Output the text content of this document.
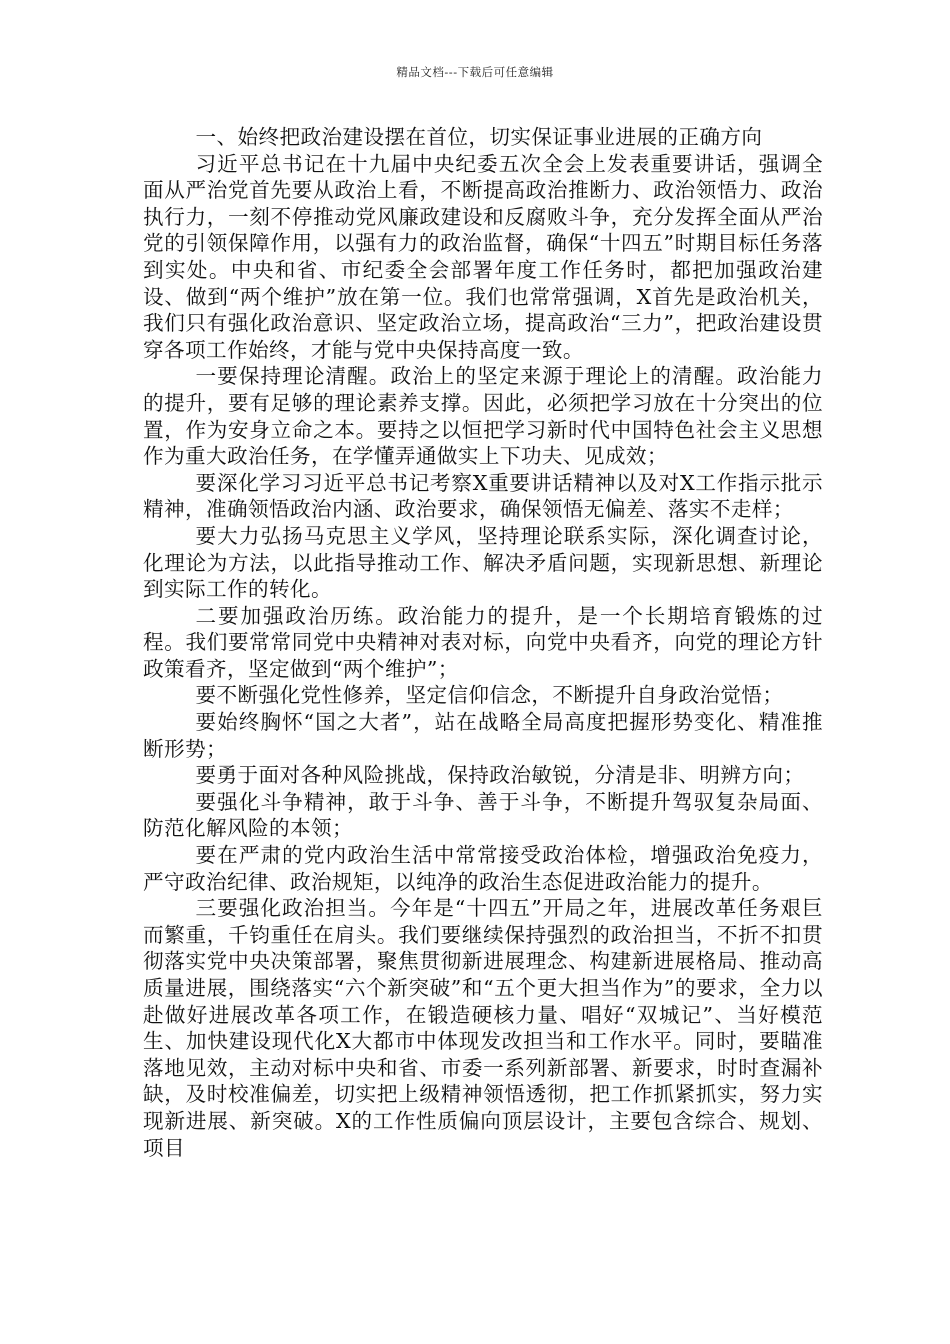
精品文档---下载后可任意编辑

一、始终把政治建设摆在首位，切实保证事业进展的正确方向

习近平总书记在十九届中央纪委五次全会上发表重要讲话，强调全面从严治党首先要从政治上看，不断提高政治推断力、政治领悟力、政治执行力，一刻不停推动党风廉政建设和反腐败斗争，充分发挥全面从严治党的引领保障作用，以强有力的政治监督，确保“十四五”时期目标任务落到实处。中央和省、市纪委全会部署年度工作任务时，都把加强政治建设、做到“两个维护”放在第一位。我们也常常强调，X首先是政治机关，我们只有强化政治意识、坚定政治立场，提高政治“三力”，把政治建设贯穿各项工作始终，才能与党中央保持高度一致。

一要保持理论清醒。政治上的坚定来源于理论上的清醒。政治能力的提升，要有足够的理论素养支撑。因此，必须把学习放在十分突出的位置，作为安身立命之本。要持之以恒把学习新时代中国特色社会主义思想作为重大政治任务，在学懂弄通做实上下功夫、见成效；

要深化学习习近平总书记考察X重要讲话精神以及对X工作指示批示精神，准确领悟政治内涵、政治要求，确保领悟无偏差、落实不走样；

要大力弘扬马克思主义学风，坚持理论联系实际，深化调查讨论，化理论为方法，以此指导推动工作、解决矛盾问题，实现新思想、新理论到实际工作的转化。

二要加强政治历练。政治能力的提升，是一个长期培育锻炼的过程。我们要常常同党中央精神对表对标，向党中央看齐，向党的理论方针政策看齐，坚定做到“两个维护”；

要不断强化党性修养，坚定信仰信念，不断提升自身政治觉悟；

要始终胸怀“国之大者”，站在战略全局高度把握形势变化、精准推断形势；

要勇于面对各种风险挑战，保持政治敏锐，分清是非、明辨方向；

要强化斗争精神，敢于斗争、善于斗争，不断提升驾驭复杂局面、防范化解风险的本领；

要在严肃的党内政治生活中常常接受政治体检，增强政治免疫力，严守政治纪律、政治规矩，以纯净的政治生态促进政治能力的提升。

三要强化政治担当。今年是“十四五”开局之年，进展改革任务艰巨而繁重，千钧重任在肩头。我们要继续保持强烈的政治担当，不折不扣贯彻落实党中央决策部署，聚焦贯彻新进展理念、构建新进展格局、推动高质量进展，围绕落实“六个新突破”和“五个更大担当作为”的要求，全力以赴做好进展改革各项工作，在锻造硬核力量、唱好“双城记”、当好模范生、加快建设现代化X大都市中体现发改担当和工作水平。同时，要瞄准落地见效，主动对标中央和省、市委一系列新部署、新要求，时时查漏补缺，及时校准偏差，切实把上级精神领悟透彻，把工作抓紧抓实，努力实现新进展、新突破。X的工作性质偏向顶层设计，主要包含综合、规划、项目
